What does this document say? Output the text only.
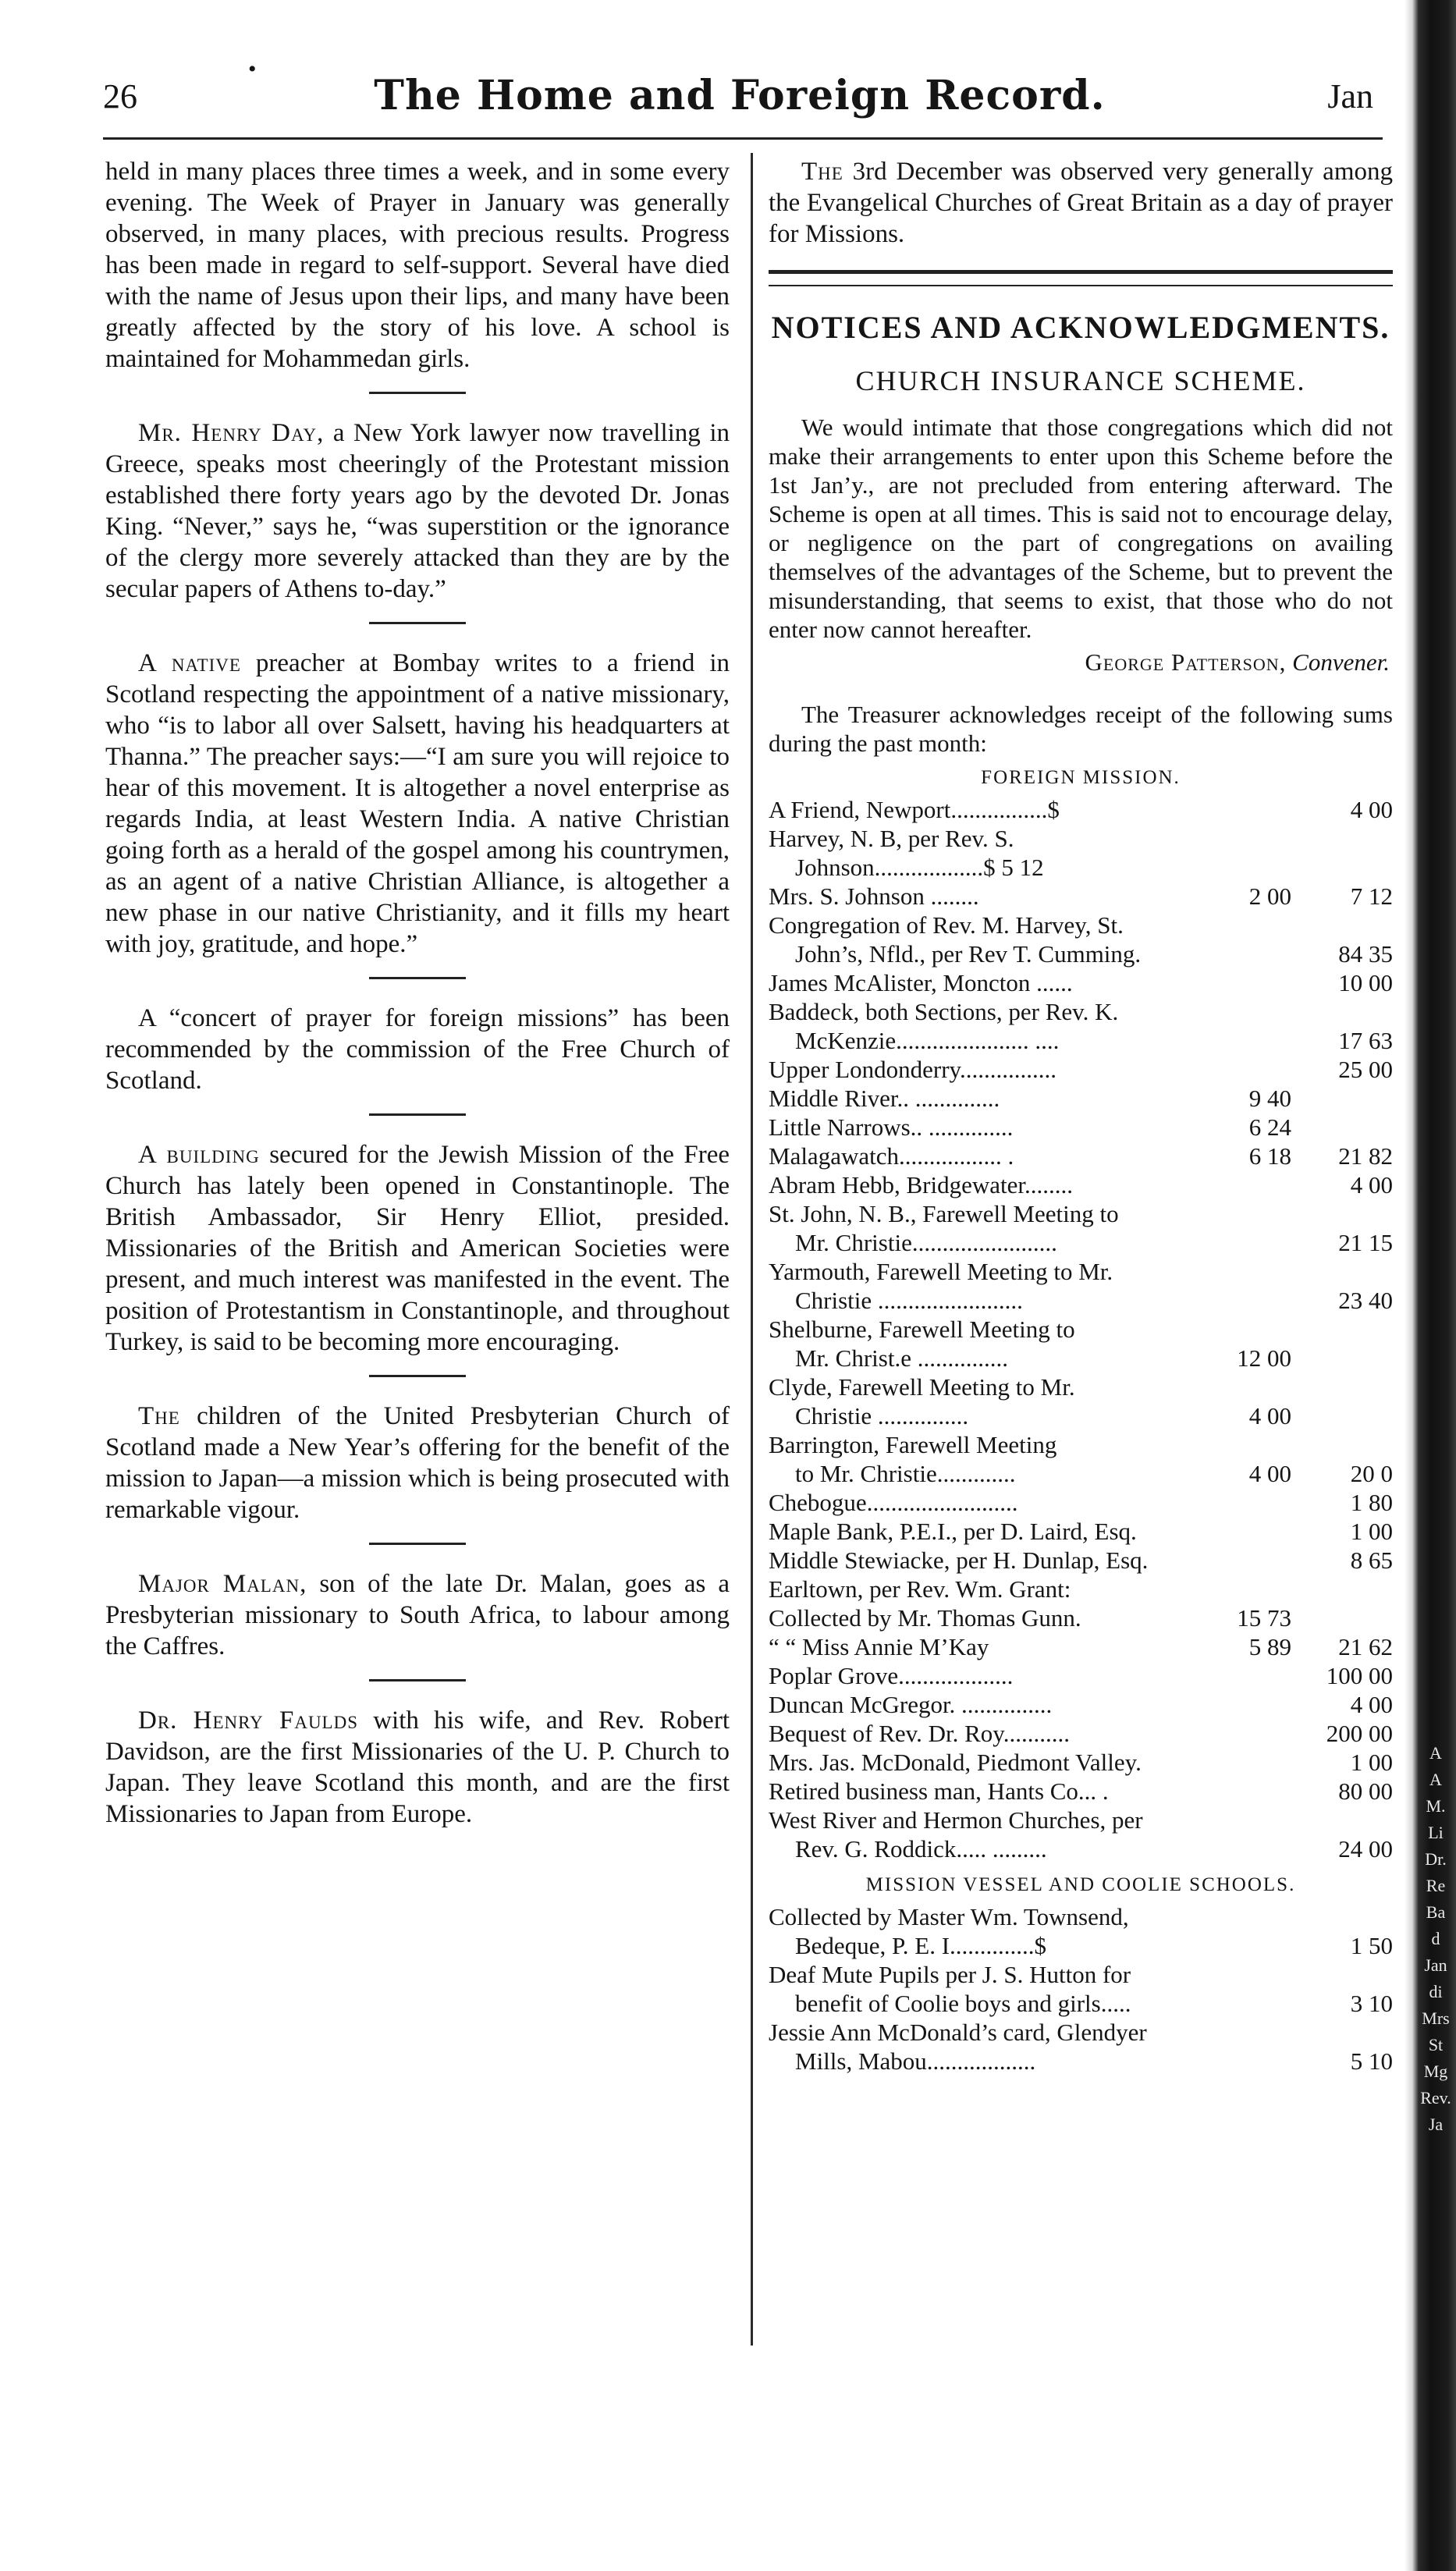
26	The Home and Foreign Record.	Jan
•

held in many places three times a week, and in some every evening. The Week of Prayer in January was generally observed, in many places, with precious results. Progress has been made in regard to self-support. Several have died with the name of Jesus upon their lips, and many have been greatly affected by the story of his love. A school is maintained for Mohammedan girls.

Mr. Henry Day, a New York lawyer now travelling in Greece, speaks most cheeringly of the Protestant mission established there forty years ago by the devoted Dr. Jonas King. “Never,” says he, “was superstition or the ignorance of the clergy more severely attacked than they are by the secular papers of Athens to-day.”

A native preacher at Bombay writes to a friend in Scotland respecting the appointment of a native missionary, who “is to labor all over Salsett, having his headquarters at Thanna.” The preacher says:—“I am sure you will rejoice to hear of this movement. It is altogether a novel enterprise as regards India, at least Western India. A native Christian going forth as a herald of the gospel among his countrymen, as an agent of a native Christian Alliance, is altogether a new phase in our native Christianity, and it fills my heart with joy, gratitude, and hope.”

A “concert of prayer for foreign missions” has been recommended by the commission of the Free Church of Scotland.

A building secured for the Jewish Mission of the Free Church has lately been opened in Constantinople. The British Ambassador, Sir Henry Elliot, presided. Missionaries of the British and American Societies were present, and much interest was manifested in the event. The position of Protestantism in Constantinople, and throughout Turkey, is said to be becoming more encouraging.

The children of the United Presbyterian Church of Scotland made a New Year’s offering for the benefit of the mission to Japan—a mission which is being prosecuted with remarkable vigour.

Major Malan, son of the late Dr. Malan, goes as a Presbyterian missionary to South Africa, to labour among the Caffres.

Dr. Henry Faulds with his wife, and Rev. Robert Davidson, are the first Missionaries of the U. P. Church to Japan. They leave Scotland this month, and are the first Missionaries to Japan from Europe.

The 3rd December was observed very generally among the Evangelical Churches of Great Britain as a day of prayer for Missions.

NOTICES AND ACKNOWLEDGMENTS.
CHURCH INSURANCE SCHEME.

We would intimate that those congregations which did not make their arrangements to enter upon this Scheme before the 1st Jan’y., are not precluded from entering afterward. The Scheme is open at all times. This is said not to encourage delay, or negligence on the part of congregations on availing themselves of the advantages of the Scheme, but to prevent the misunderstanding, that seems to exist, that those who do not enter now cannot hereafter.

George Patterson, Convener.

The Treasurer acknowledges receipt of the following sums during the past month:

FOREIGN MISSION.
A Friend, Newport................$		4 00

Harvey, N. B, per Rev. S.
Johnson..................$ 5 12		

Mrs. S. Johnson ........	2 00	7 12

Congregation of Rev. M. Harvey, St.
John’s, Nfld., per Rev T. Cumming.		84 35

James McAlister, Moncton ......		10 00

Baddeck, both Sections, per Rev. K.
McKenzie...................... ....		17 63

Upper Londonderry................		25 00

Middle River.. ..............	9 40	

Little Narrows.. ..............	6 24	

Malagawatch................. .	6 18	21 82

Abram Hebb, Bridgewater........		4 00

St. John, N. B., Farewell Meeting to
Mr. Christie........................		21 15

Yarmouth, Farewell Meeting to Mr.
Christie ........................		23 40

Shelburne, Farewell Meeting to
Mr. Christ.e ...............	12 00	

Clyde, Farewell Meeting to Mr.
Christie ...............	4 00	

Barrington, Farewell Meeting
to Mr. Christie.............	4 00	20 0

Chebogue.........................		1 80

Maple Bank, P.E.I., per D. Laird, Esq.		1 00

Middle Stewiacke, per H. Dunlap, Esq.		8 65

Earltown, per Rev. Wm. Grant:		

Collected by Mr. Thomas Gunn.	15 73	

“ “ Miss Annie M’Kay	5 89	21 62

Poplar Grove...................		100 00

Duncan McGregor. ...............		4 00

Bequest of Rev. Dr. Roy...........		200 00

Mrs. Jas. McDonald, Piedmont Valley.		1 00

Retired business man, Hants Co... .		80 00

West River and Hermon Churches, per
Rev. G. Roddick..... .........		24 00
MISSION VESSEL AND COOLIE SCHOOLS.
Collected by Master Wm. Townsend,
Bedeque, P. E. I..............$		1 50

Deaf Mute Pupils per J. S. Hutton for
benefit of Coolie boys and girls.....		3 10

Jessie Ann McDonald’s card, Glendyer
Mills, Mabou..................		5 10
A
A
M.
Li
Dr.
Re
Ba
d
Jan
di
Mrs
St
Mg
Rev.
Ja
